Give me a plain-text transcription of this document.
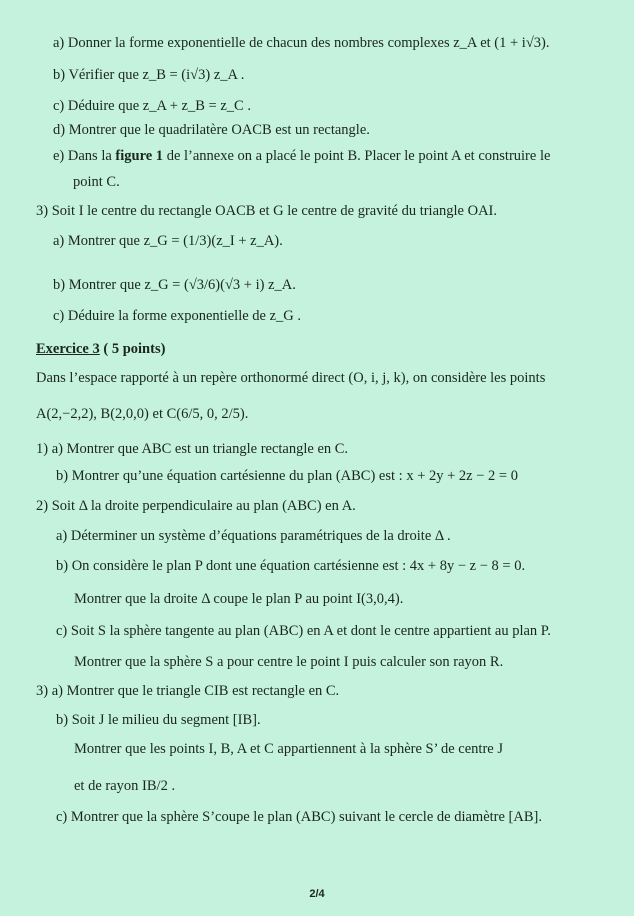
a) Donner la forme exponentielle de chacun des nombres complexes z_A et (1 + i√3).
b) Vérifier que z_B = (i√3) z_A .
c) Déduire que z_A + z_B = z_C .
d) Montrer que le quadrilatère OACB est un rectangle.
e) Dans la figure 1 de l’annexe on a placé le point B. Placer le point A et construire le
point C.
3) Soit I le centre du rectangle OACB et G le centre de gravité du triangle OAI.
a) Montrer que z_G = (1/3)(z_I + z_A).
b) Montrer que z_G = (√3/6)(√3 + i) z_A.
c) Déduire la forme exponentielle de z_G .
Exercice 3 ( 5 points)
Dans l’espace rapporté à un repère orthonormé direct (O, i, j, k), on considère les points
A(2,−2,2), B(2,0,0) et C(6/5, 0, 2/5).
1) a) Montrer que ABC est un triangle rectangle en C.
b) Montrer qu’une équation cartésienne du plan (ABC) est : x + 2y + 2z − 2 = 0
2) Soit Δ la droite perpendiculaire au plan (ABC) en A.
a) Déterminer un système d’équations paramétriques de la droite Δ .
b) On considère le plan P dont une équation cartésienne est : 4x + 8y − z − 8 = 0.
Montrer que la droite Δ coupe le plan P au point I(3,0,4).
c) Soit S la sphère tangente au plan (ABC) en A et dont le centre appartient au plan P.
Montrer que la sphère S a pour centre le point I puis calculer son rayon R.
3) a) Montrer que le triangle CIB est rectangle en C.
b) Soit J le milieu du segment [IB].
Montrer que les points I, B, A et C appartiennent à la sphère S’ de centre J
et de rayon IB/2 .
c) Montrer que la sphère S’coupe le plan (ABC) suivant le cercle de diamètre [AB].
2/4
